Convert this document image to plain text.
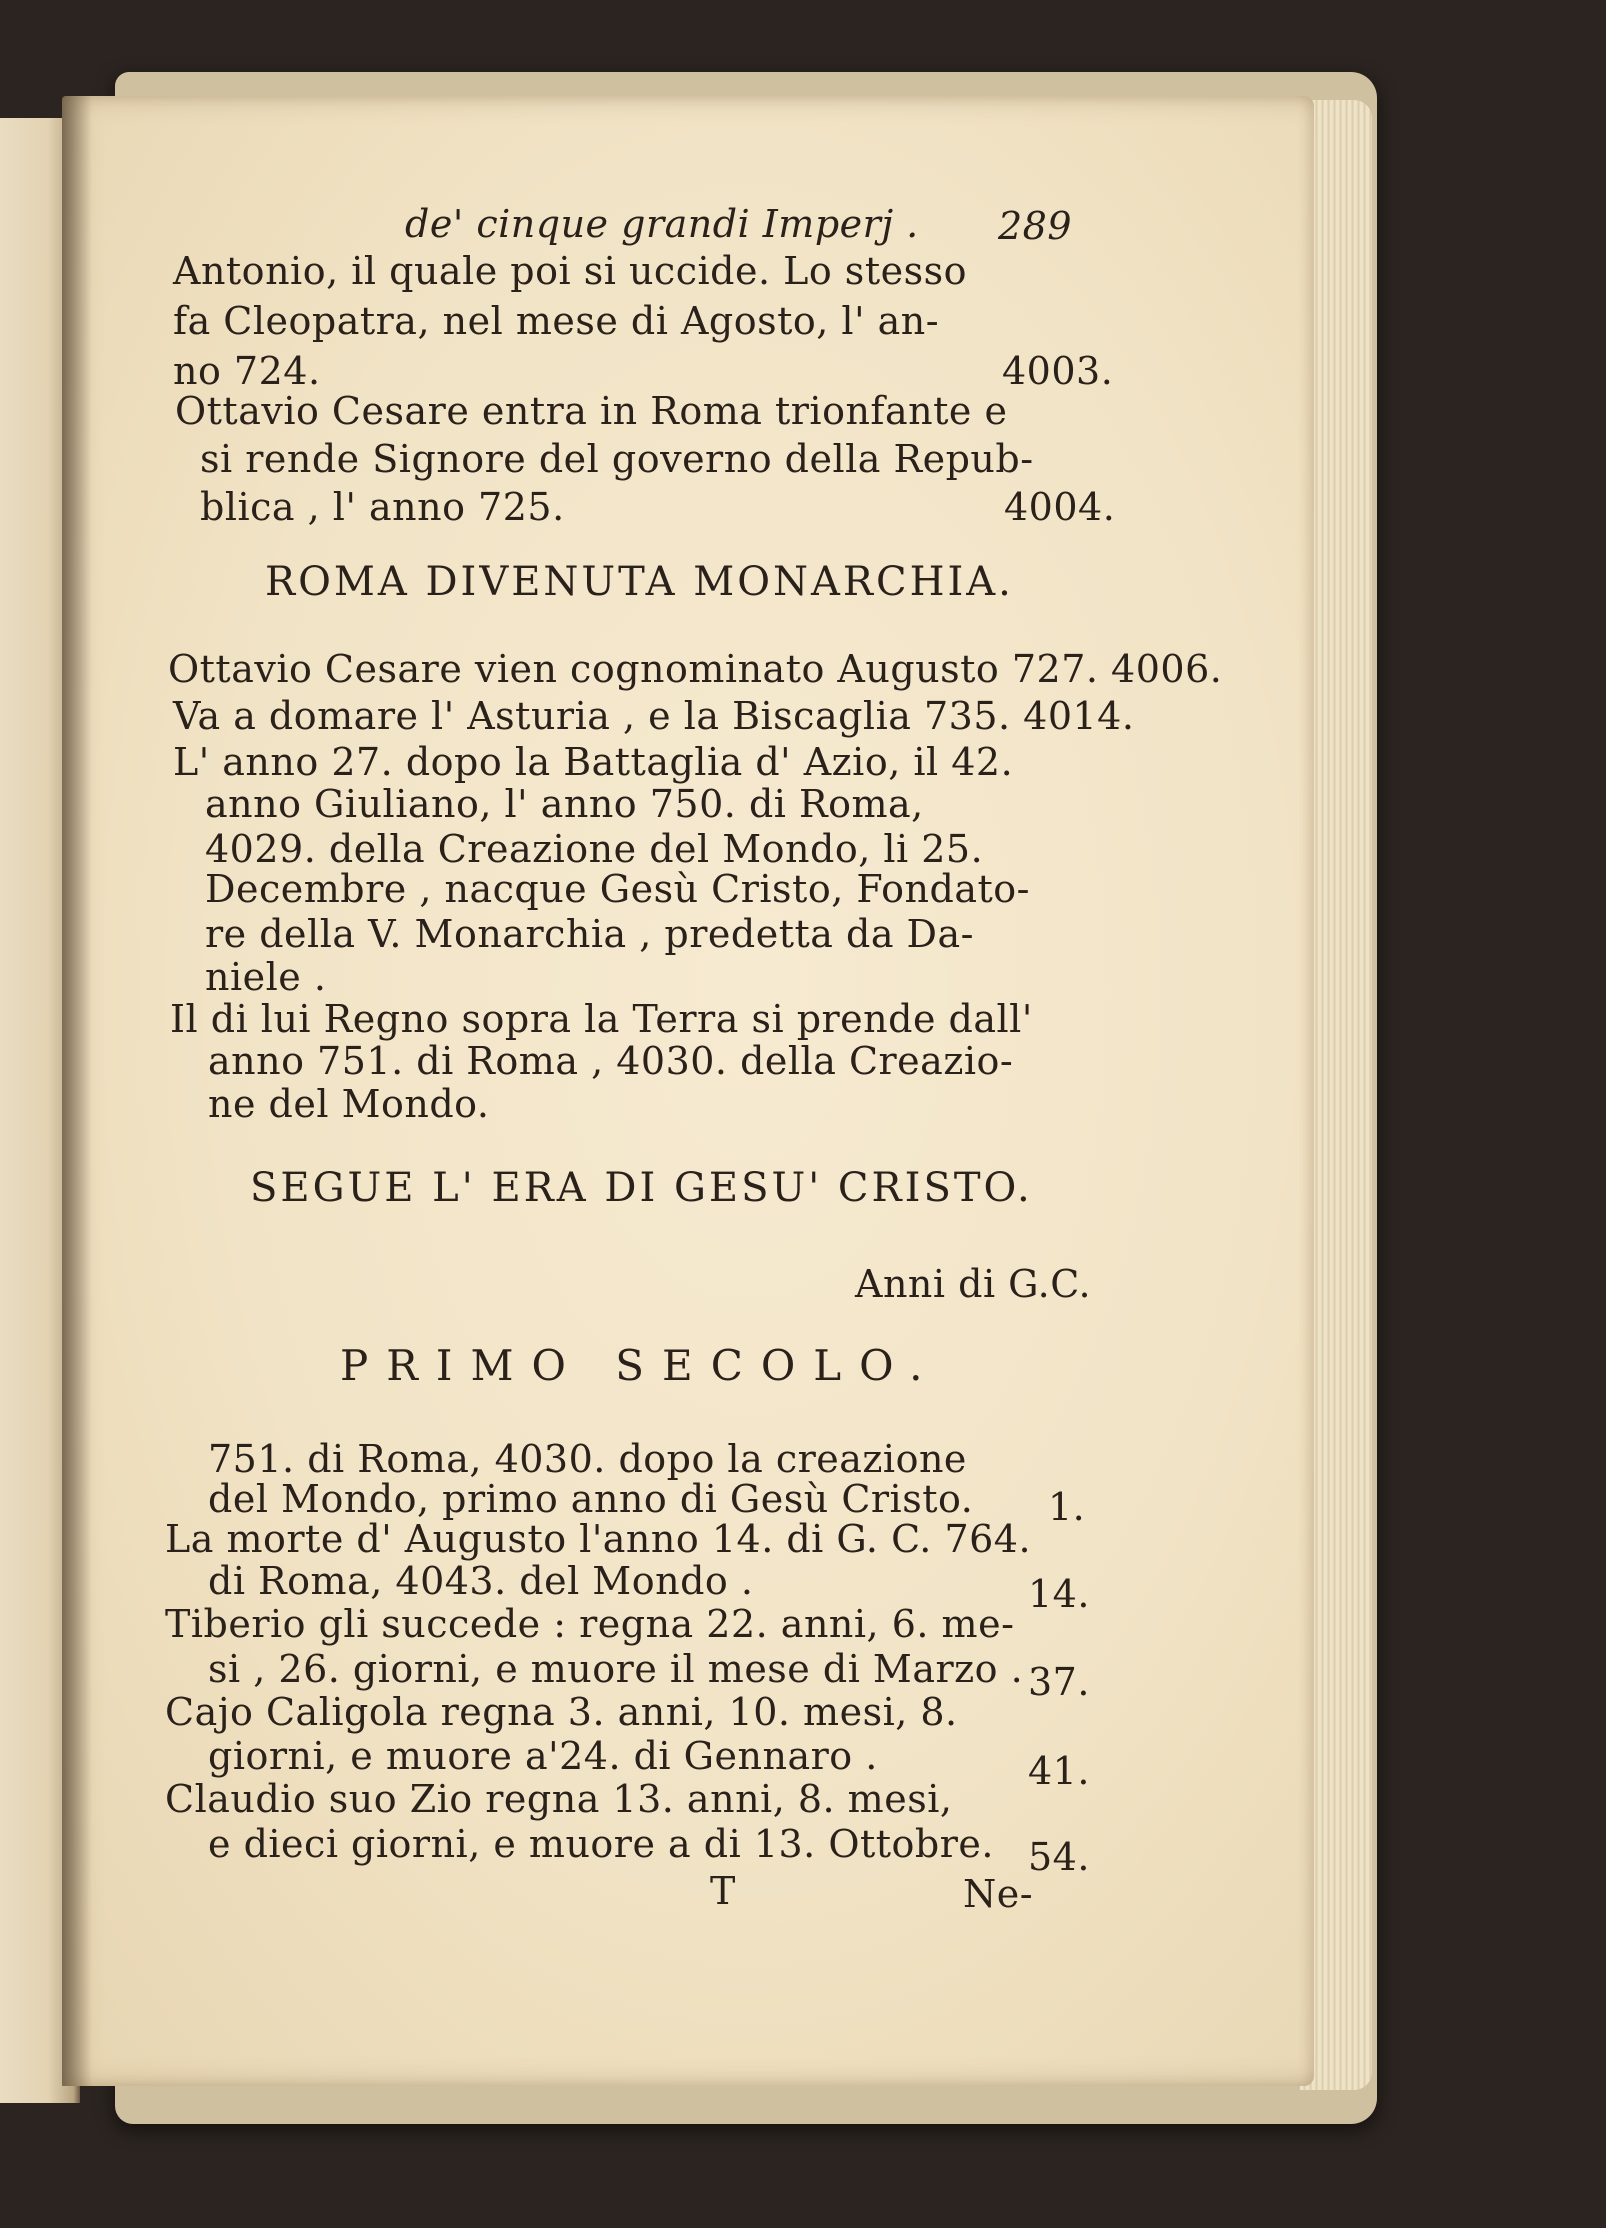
de' cinque grandi Imperj . 289
Antonio, il quale poi si uccide. Lo stesso
fa Cleopatra, nel mese di Agosto, l' an-
no 724.	4003.
Ottavio Cesare entra in Roma trionfante e
si rende Signore del governo della Repub-
blica , l' anno 725.	4004.
ROMA DIVENUTA MONARCHIA.
Ottavio Cesare vien cognominato Augusto 727. 4006.
Va a domare l' Asturia , e la Biscaglia 735. 4014.
L' anno 27. dopo la Battaglia d' Azio, il 42.
anno Giuliano, l' anno 750. di Roma,
4029. della Creazione del Mondo, li 25.
Decembre , nacque Gesù Cristo, Fondato-
re della V. Monarchia , predetta da Da-
niele .
Il di lui Regno sopra la Terra si prende dall'
anno 751. di Roma , 4030. della Creazio-
ne del Mondo.
SEGUE L' ERA DI GESU' CRISTO.
Anni di G.C.
PRIMO SECOLO.
751. di Roma, 4030. dopo la creazione
del Mondo, primo anno di Gesù Cristo. 1.
La morte d' Augusto l'anno 14. di G. C. 764.
di Roma, 4043. del Mondo .	14.
Tiberio gli succede : regna 22. anni, 6. me-
si , 26. giorni, e muore il mese di Marzo . 37.
Cajo Caligola regna 3. anni, 10. mesi, 8.
giorni, e muore a'24. di Gennaro .	41.
Claudio suo Zio regna 13. anni, 8. mesi,
e dieci giorni, e muore a di 13. Ottobre. 54.
T	Ne-
